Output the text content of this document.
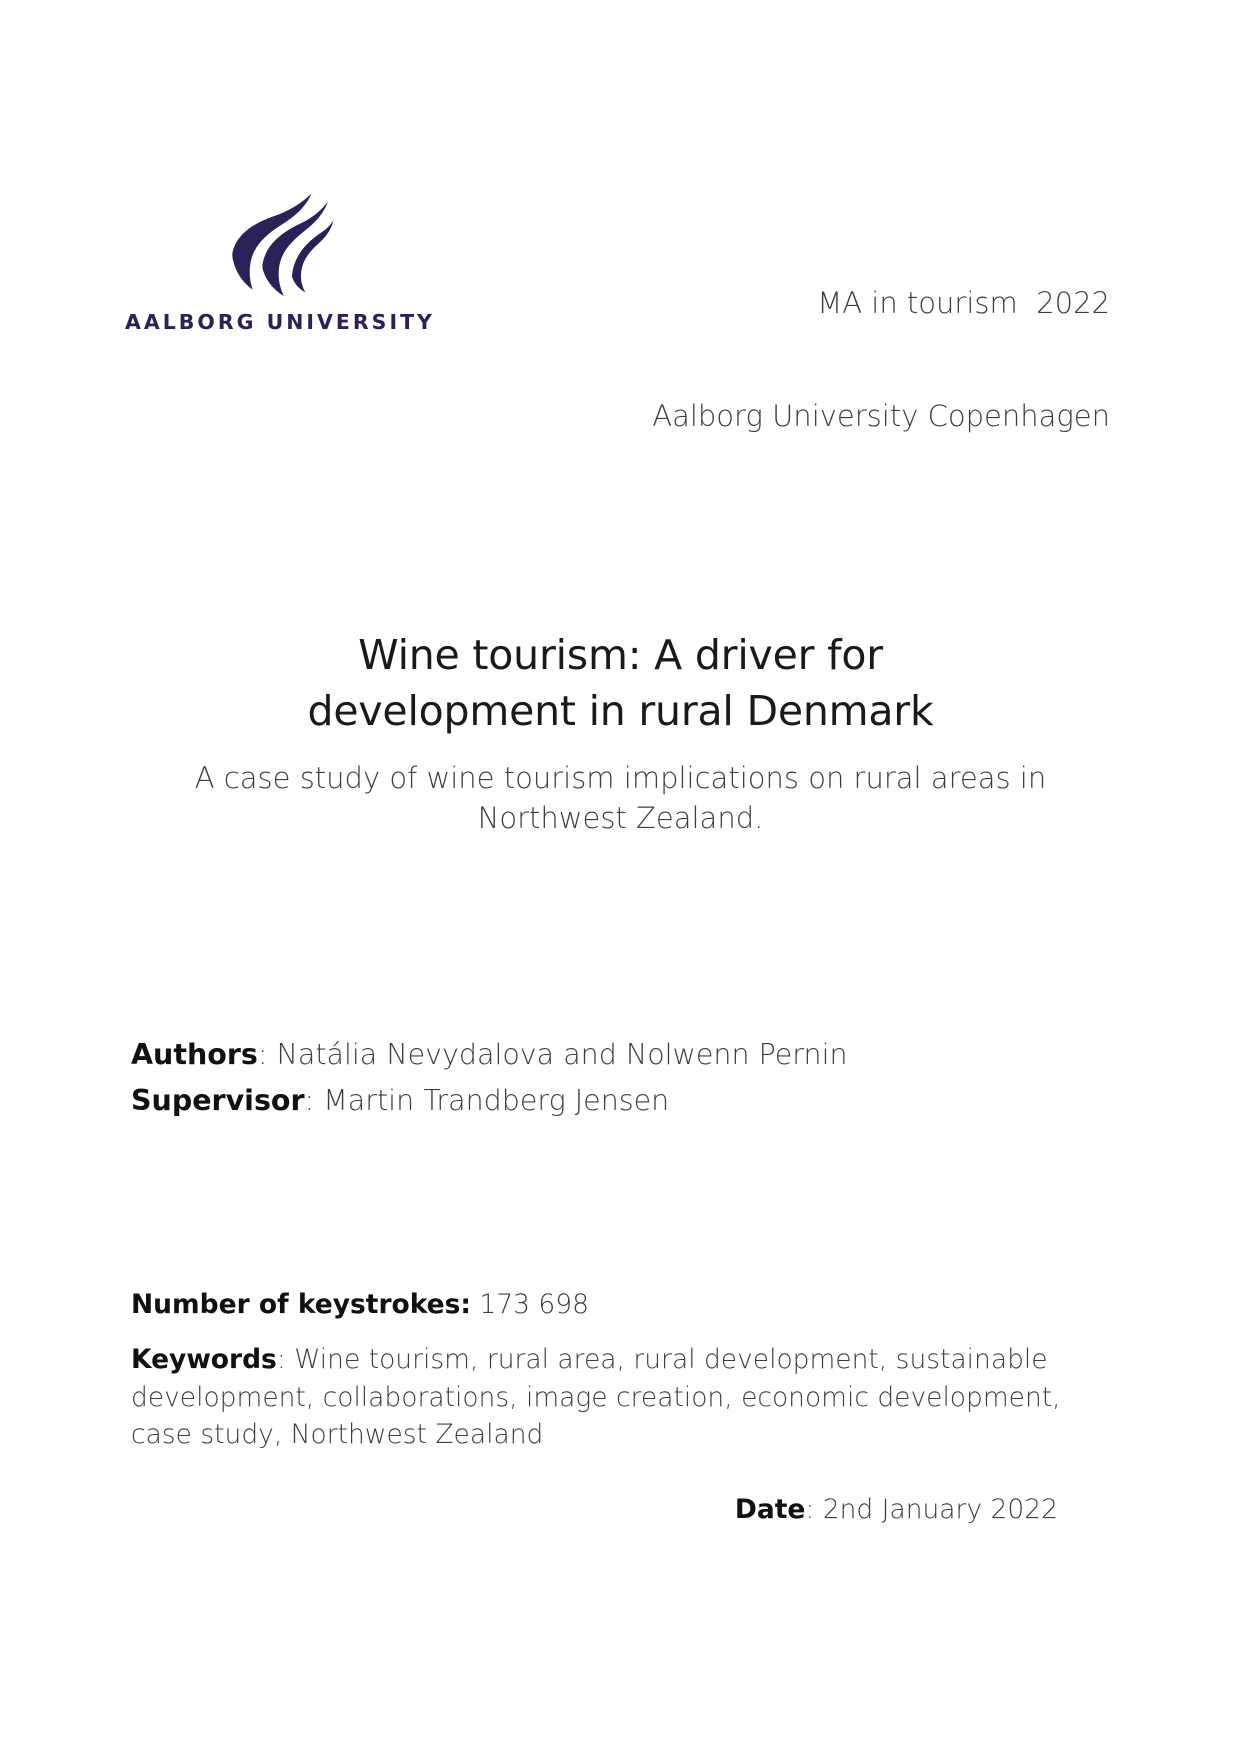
AALBORG UNIVERSITY

MA in tourism  2022

Aalborg University Copenhagen

Wine tourism: A driver for
development in rural Denmark

A case study of wine tourism implications on rural areas in
Northwest Zealand.

Authors: Natália Nevydalova and Nolwenn Pernin
Supervisor: Martin Trandberg Jensen
Number of keystrokes: 173 698
Keywords: Wine tourism, rural area, rural development, sustainable development, collaborations, image creation, economic development, case study, Northwest Zealand
Date: 2nd January 2022
